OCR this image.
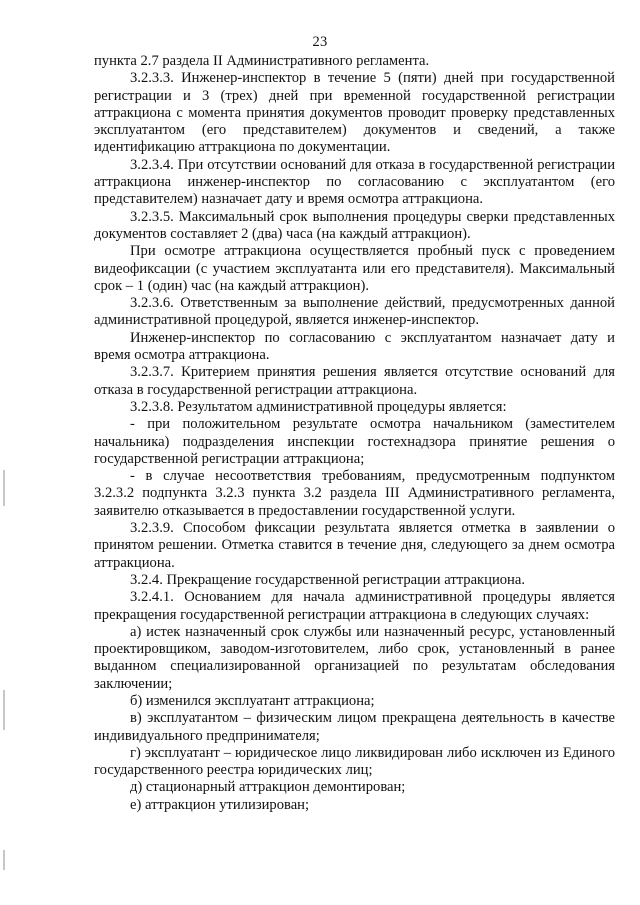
23

пункта 2.7 раздела II Административного регламента.

3.2.3.3. Инженер-инспектор в течение 5 (пяти) дней при государственной регистрации и 3 (трех) дней при временной государственной регистрации аттракциона с момента принятия документов проводит проверку представленных эксплуатантом (его представителем) документов и сведений, а также идентификацию аттракциона по документации.

3.2.3.4. При отсутствии оснований для отказа в государственной регистрации аттракциона инженер-инспектор по согласованию с эксплуатантом (его представителем) назначает дату и время осмотра аттракциона.

3.2.3.5. Максимальный срок выполнения процедуры сверки представленных документов составляет 2 (два) часа (на каждый аттракцион).

При осмотре аттракциона осуществляется пробный пуск с проведением видеофиксации (с участием эксплуатанта или его представителя). Максимальный срок – 1 (один) час (на каждый аттракцион).

3.2.3.6. Ответственным за выполнение действий, предусмотренных данной административной процедурой, является инженер-инспектор.

Инженер-инспектор по согласованию с эксплуатантом назначает дату и время осмотра аттракциона.

3.2.3.7. Критерием принятия решения является отсутствие оснований для отказа в государственной регистрации аттракциона.

3.2.3.8. Результатом административной процедуры является:

- при положительном результате осмотра начальником (заместителем начальника) подразделения инспекции гостехнадзора принятие решения о государственной регистрации аттракциона;

- в случае несоответствия требованиям, предусмотренным подпунктом 3.2.3.2 подпункта 3.2.3 пункта 3.2 раздела III Административного регламента, заявителю отказывается в предоставлении государственной услуги.

3.2.3.9. Способом фиксации результата является отметка в заявлении о принятом решении. Отметка ставится в течение дня, следующего за днем осмотра аттракциона.

3.2.4. Прекращение государственной регистрации аттракциона.

3.2.4.1. Основанием для начала административной процедуры является прекращения государственной регистрации аттракциона в следующих случаях:

а) истек назначенный срок службы или назначенный ресурс, установленный проектировщиком, заводом-изготовителем, либо срок, установленный в ранее выданном специализированной организацией по результатам обследования заключении;

б) изменился эксплуатант аттракциона;

в) эксплуатантом – физическим лицом прекращена деятельность в качестве индивидуального предпринимателя;

г) эксплуатант – юридическое лицо ликвидирован либо исключен из Единого государственного реестра юридических лиц;

д) стационарный аттракцион демонтирован;

е) аттракцион утилизирован;
